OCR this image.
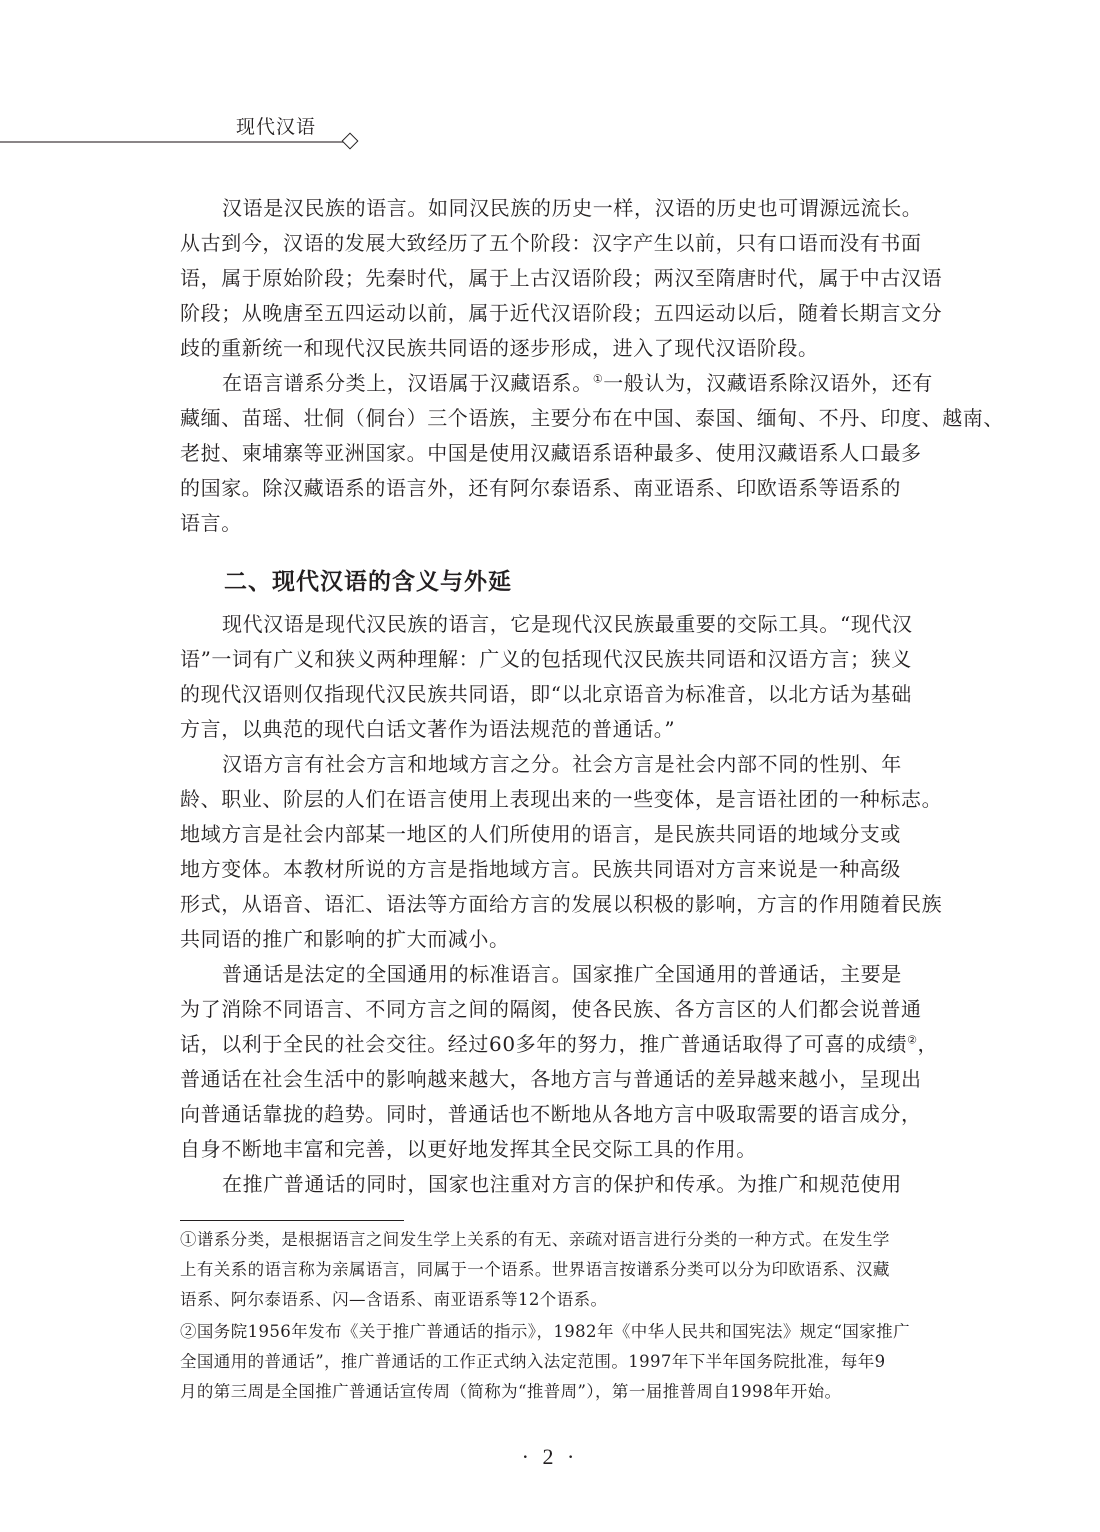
现代汉语
汉语是汉民族的语言。如同汉民族的历史一样，汉语的历史也可谓源远流长。
从古到今，汉语的发展大致经历了五个阶段：汉字产生以前，只有口语而没有书面
语，属于原始阶段；先秦时代，属于上古汉语阶段；两汉至隋唐时代，属于中古汉语
阶段；从晚唐至五四运动以前，属于近代汉语阶段；五四运动以后，随着长期言文分
歧的重新统一和现代汉民族共同语的逐步形成，进入了现代汉语阶段。
在语言谱系分类上，汉语属于汉藏语系。①一般认为，汉藏语系除汉语外，还有
藏缅、苗瑶、壮侗（侗台）三个语族，主要分布在中国、泰国、缅甸、不丹、印度、越南、
老挝、柬埔寨等亚洲国家。中国是使用汉藏语系语种最多、使用汉藏语系人口最多
的国家。除汉藏语系的语言外，还有阿尔泰语系、南亚语系、印欧语系等语系的
语言。
二、现代汉语的含义与外延
现代汉语是现代汉民族的语言，它是现代汉民族最重要的交际工具。“现代汉
语”一词有广义和狭义两种理解：广义的包括现代汉民族共同语和汉语方言；狭义
的现代汉语则仅指现代汉民族共同语，即“以北京语音为标准音，以北方话为基础
方言，以典范的现代白话文著作为语法规范的普通话。”
汉语方言有社会方言和地域方言之分。社会方言是社会内部不同的性别、年
龄、职业、阶层的人们在语言使用上表现出来的一些变体，是言语社团的一种标志。
地域方言是社会内部某一地区的人们所使用的语言，是民族共同语的地域分支或
地方变体。本教材所说的方言是指地域方言。民族共同语对方言来说是一种高级
形式，从语音、语汇、语法等方面给方言的发展以积极的影响，方言的作用随着民族
共同语的推广和影响的扩大而减小。
普通话是法定的全国通用的标准语言。国家推广全国通用的普通话，主要是
为了消除不同语言、不同方言之间的隔阂，使各民族、各方言区的人们都会说普通
话，以利于全民的社会交往。经过60多年的努力，推广普通话取得了可喜的成绩②，
普通话在社会生活中的影响越来越大，各地方言与普通话的差异越来越小，呈现出
向普通话靠拢的趋势。同时，普通话也不断地从各地方言中吸取需要的语言成分，
自身不断地丰富和完善，以更好地发挥其全民交际工具的作用。
在推广普通话的同时，国家也注重对方言的保护和传承。为推广和规范使用
①谱系分类，是根据语言之间发生学上关系的有无、亲疏对语言进行分类的一种方式。在发生学
上有关系的语言称为亲属语言，同属于一个语系。世界语言按谱系分类可以分为印欧语系、汉藏
语系、阿尔泰语系、闪—含语系、南亚语系等12个语系。
②国务院1956年发布《关于推广普通话的指示》，1982年《中华人民共和国宪法》规定“国家推广
全国通用的普通话”，推广普通话的工作正式纳入法定范围。1997年下半年国务院批准，每年9
月的第三周是全国推广普通话宣传周（简称为“推普周”），第一届推普周自1998年开始。
· 2 ·
